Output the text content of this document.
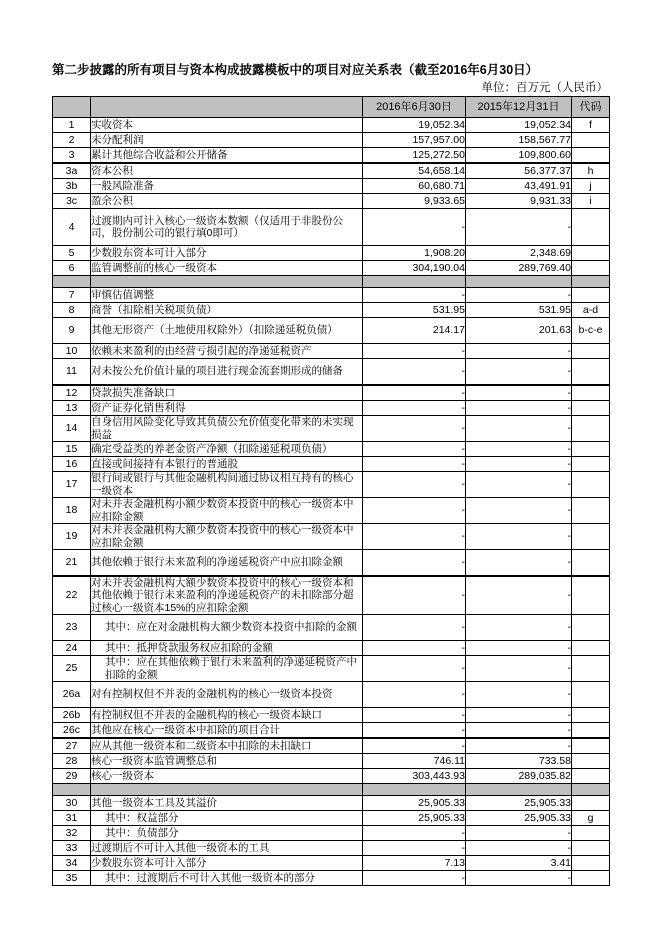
第二步披露的所有项目与资本构成披露模板中的项目对应关系表（截至2016年6月30日）
单位：百万元（人民币）
		2016年6月30日	2015年12月31日	代码
1	实收资本	19,052.34	19,052.34	f
2	未分配利润	157,957.00	158,567.77	
3	累计其他综合收益和公开储备	125,272.50	109,800.60	
3a	资本公积	54,658.14	56,377.37	h
3b	一般风险准备	60,680.71	43,491.91	j
3c	盈余公积	9,933.65	9,931.33	i
4	过渡期内可计入核心一级资本数额（仅适用于非股份公司，股份制公司的银行填0即可）	-	-	
5	少数股东资本可计入部分	1,908.20	2,348.69	
6	监管调整前的核心一级资本	304,190.04	289,769.40	

7	审慎估值调整	-	-	
8	商誉（扣除相关税项负债）	531.95	531.95	a-d
9	其他无形资产（土地使用权除外）（扣除递延税负债）	214.17	201.63	b-c-e
10	依赖未来盈利的由经营亏损引起的净递延税资产	-	-	
11	对未按公允价值计量的项目进行现金流套期形成的储备	-	-	
12	贷款损失准备缺口	-	-	
13	资产证券化销售利得	-	-	
14	自身信用风险变化导致其负债公允价值变化带来的未实现损益	-	-	
15	确定受益类的养老金资产净额（扣除递延税项负债）	-	-	
16	直接或间接持有本银行的普通股	-	-	
17	银行间或银行与其他金融机构间通过协议相互持有的核心一级资本	-	-	
18	对未并表金融机构小额少数资本投资中的核心一级资本中应扣除金额	-	-	
19	对未并表金融机构大额少数资本投资中的核心一级资本中应扣除金额	-	-	
21	其他依赖于银行未来盈利的净递延税资产中应扣除金额	-	-	
22	对未并表金融机构大额少数资本投资中的核心一级资本和其他依赖于银行未来盈利的净递延税资产的未扣除部分超过核心一级资本15%的应扣除金额	-	-	
23	其中：应在对金融机构大额少数资本投资中扣除的金额	-	-	
24	其中：抵押贷款服务权应扣除的金额	-	-	
25	其中：应在其他依赖于银行未来盈利的净递延税资产中扣除的金额	-	-	
26a	对有控制权但不并表的金融机构的核心一级资本投资	-	-	
26b	有控制权但不并表的金融机构的核心一级资本缺口	-	-	
26c	其他应在核心一级资本中扣除的项目合计	-	-	
27	应从其他一级资本和二级资本中扣除的未扣缺口	-	-	
28	核心一级资本监管调整总和	746.11	733.58	
29	核心一级资本	303,443.93	289,035.82	

30	其他一级资本工具及其溢价	25,905.33	25,905.33	
31	其中：权益部分	25,905.33	25,905.33	g
32	其中：负债部分	-	-	
33	过渡期后不可计入其他一级资本的工具	-	-	
34	少数股东资本可计入部分	7.13	3.41	
35	其中：过渡期后不可计入其他一级资本的部分	-	-	
